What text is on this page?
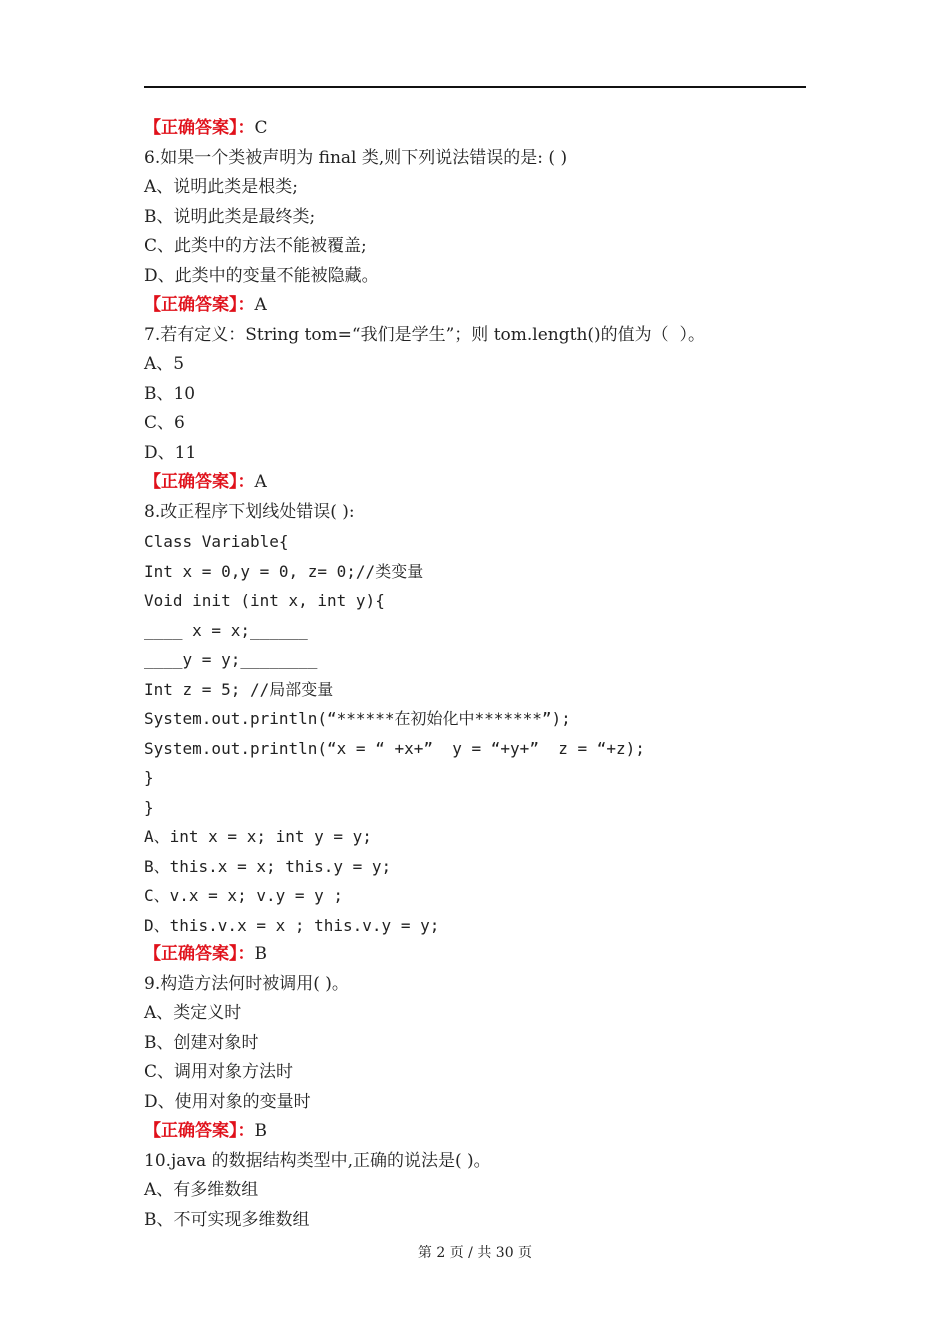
【正确答案】：C
6.如果一个类被声明为 final 类,则下列说法错误的是: ( )
A、说明此类是根类;
B、说明此类是最终类;
C、此类中的方法不能被覆盖;
D、此类中的变量不能被隐藏。
【正确答案】：A
7.若有定义：String tom=“我们是学生”；则 tom.length()的值为（  ）。
A、5
B、10
C、6
D、11
【正确答案】：A
8.改正程序下划线处错误( ):
Class Variable{
Int x = 0,y = 0, z= 0;//类变量
Void init (int x, int y){
____ x = x;______
____y = y;________
Int z = 5; //局部变量
System.out.println(“******在初始化中*******”);
System.out.println(“x = “ +x+”  y = “+y+”  z = “+z);
}
}
A、int x = x; int y = y;
B、this.x = x; this.y = y;
C、v.x = x; v.y = y ;
D、this.v.x = x ; this.v.y = y;
【正确答案】：B
9.构造方法何时被调用( )。
A、类定义时
B、创建对象时
C、调用对象方法时
D、使用对象的变量时
【正确答案】：B
10.java 的数据结构类型中,正确的说法是( )。
A、有多维数组
B、不可实现多维数组
第 2 页 / 共 30 页
